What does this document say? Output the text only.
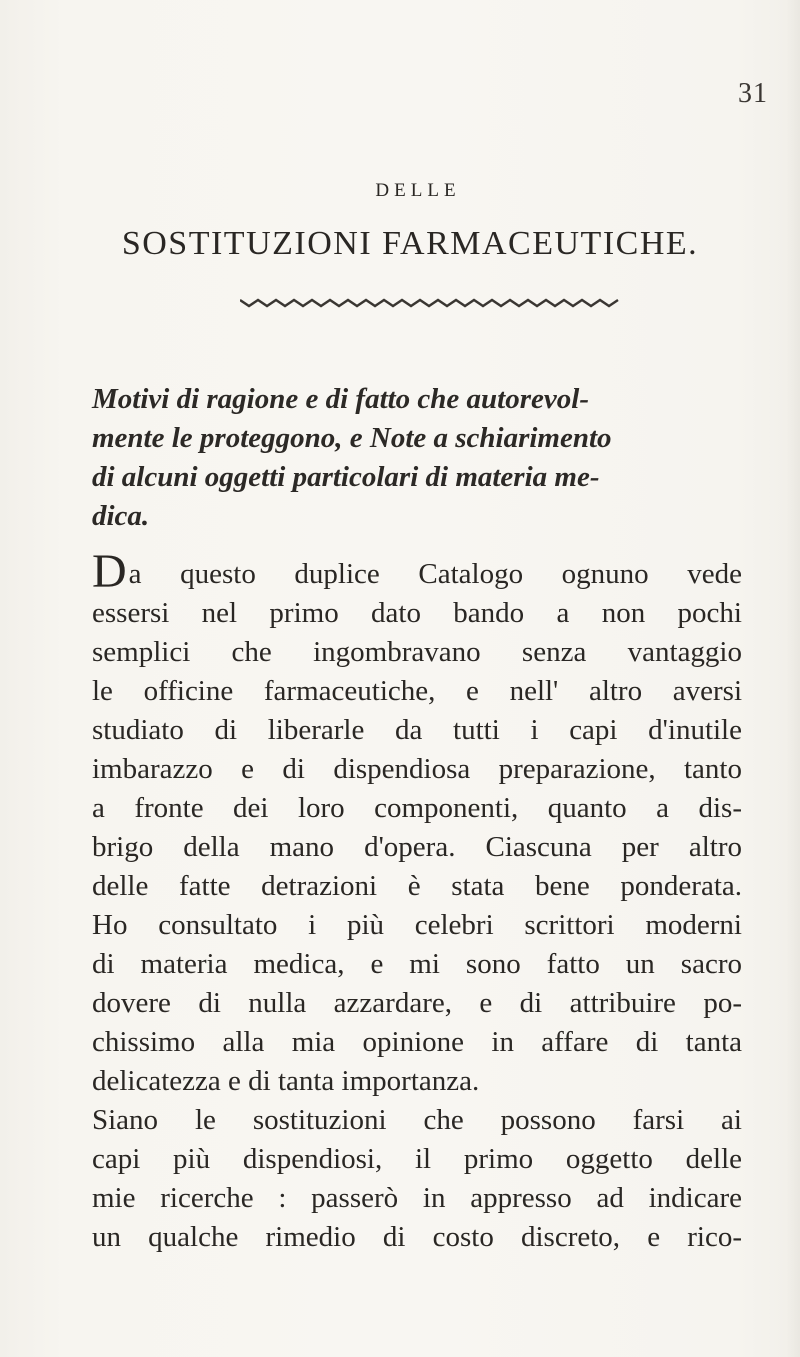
31
DELLE
SOSTITUZIONI FARMACEUTICHE.
Motivi di ragione e di fatto che autorevol-
mente le proteggono, e Note a schiarimento
di alcuni oggetti particolari di materia me-
dica.
Da questo duplice Catalogo ognuno vede
essersi nel primo dato bando a non pochi
semplici che ingombravano senza vantaggio
le officine farmaceutiche, e nell' altro aversi
studiato di liberarle da tutti i capi d'inutile
imbarazzo e di dispendiosa preparazione, tanto
a fronte dei loro componenti, quanto a dis-
brigo della mano d'opera. Ciascuna per altro
delle fatte detrazioni è stata bene ponderata.
Ho consultato i più celebri scrittori moderni
di materia medica, e mi sono fatto un sacro
dovere di nulla azzardare, e di attribuire po-
chissimo alla mia opinione in affare di tanta
delicatezza e di tanta importanza.
Siano le sostituzioni che possono farsi ai
capi più dispendiosi, il primo oggetto delle
mie ricerche : passerò in appresso ad indicare
un qualche rimedio di costo discreto, e rico-
